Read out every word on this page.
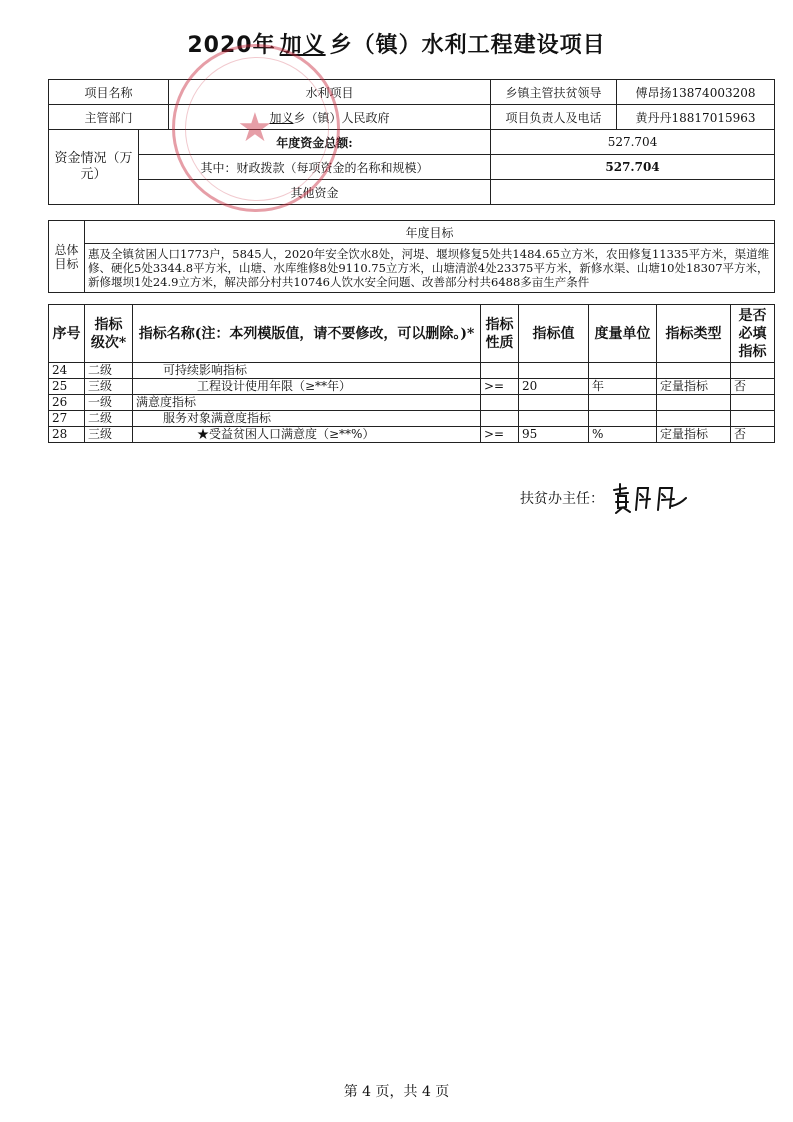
2020年 加义 乡（镇）水利工程建设项目
项目名称		水利项目	乡镇主管扶贫领导	傅昂扬13874003208
主管部门		加义乡（镇）人民政府	项目负责人及电话	黄丹丹18817015963
资金情况（万元）	年度资金总额:		527.704	
	其中：财政拨款（每项资金的名称和规模）		527.704	
	其他资金			
总体目标	年度目标
惠及全镇贫困人口1773户，5845人，2020年安全饮水8处，河堤、堰坝修复5处共1484.65立方米，农田修复11335平方米，渠道维修、硬化5处3344.8平方米，山塘、水库维修8处9110.75立方米，山塘清淤4处23375平方米，新修水渠、山塘10处18307平方米，新修堰坝1处24.9立方米，解决部分村共10746人饮水安全问题、改善部分村共6488多亩生产条件
序号	指标级次*	指标名称(注：本列模版值，请不要修改，可以删除。)*	指标性质	指标值	度量单位	指标类型	是否必填指标
24	二级	可持续影响指标					
25	三级	工程设计使用年限（≥**年）	>=	20	年	定量指标	否
26	一级	满意度指标					
27	二级	服务对象满意度指标					
28	三级	★受益贫困人口满意度（≥**%）	>=	95	%	定量指标	否
★
扶贫办主任：
第 4 页，共 4 页
